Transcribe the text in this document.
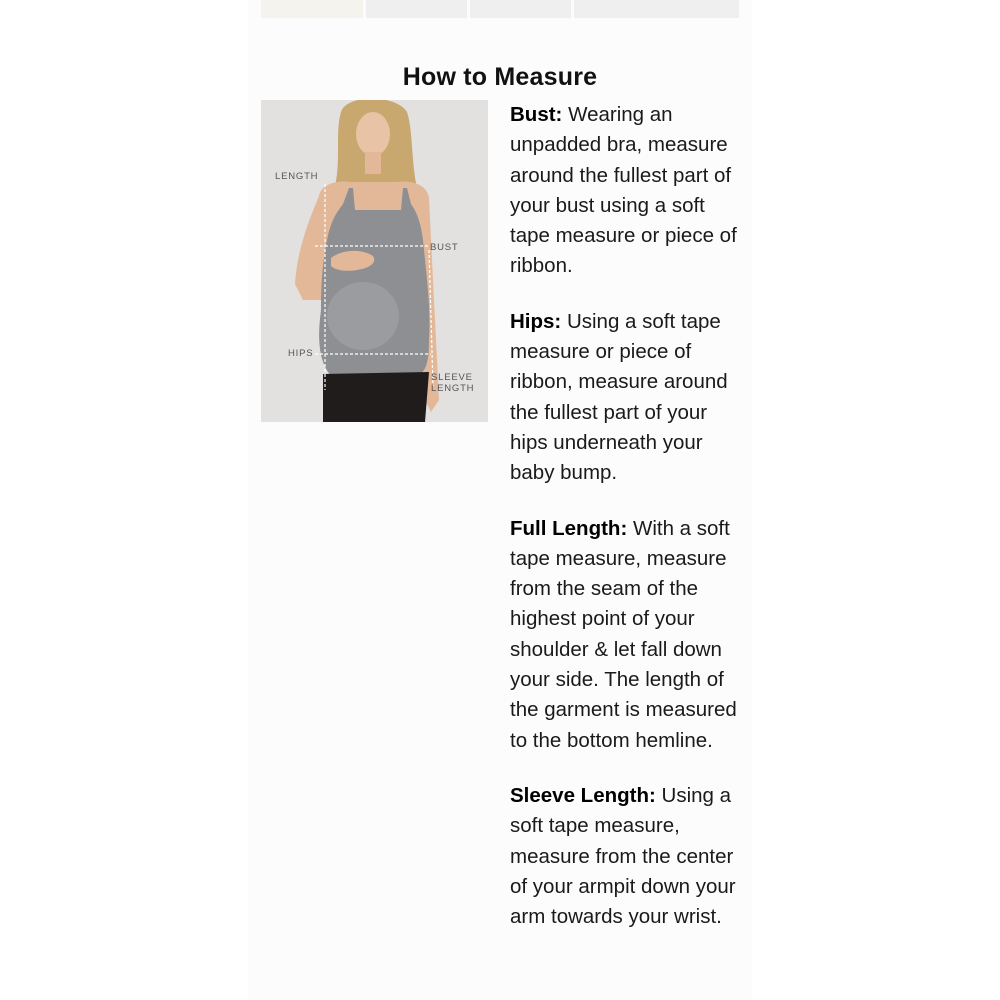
How to Measure
LENGTH
BUST
HIPS
SLEEVE LENGTH

Bust: Wearing an unpadded bra, measure around the fullest part of your bust using a soft tape measure or piece of ribbon.

Hips: Using a soft tape measure or piece of ribbon, measure around the fullest part of your hips underneath your baby bump.

Full Length: With a soft tape measure, measure from the seam of the highest point of your shoulder & let fall down your side. The length of the garment is measured to the bottom hemline.

Sleeve Length: Using a soft tape measure, measure from the center of your armpit down your arm towards your wrist.
